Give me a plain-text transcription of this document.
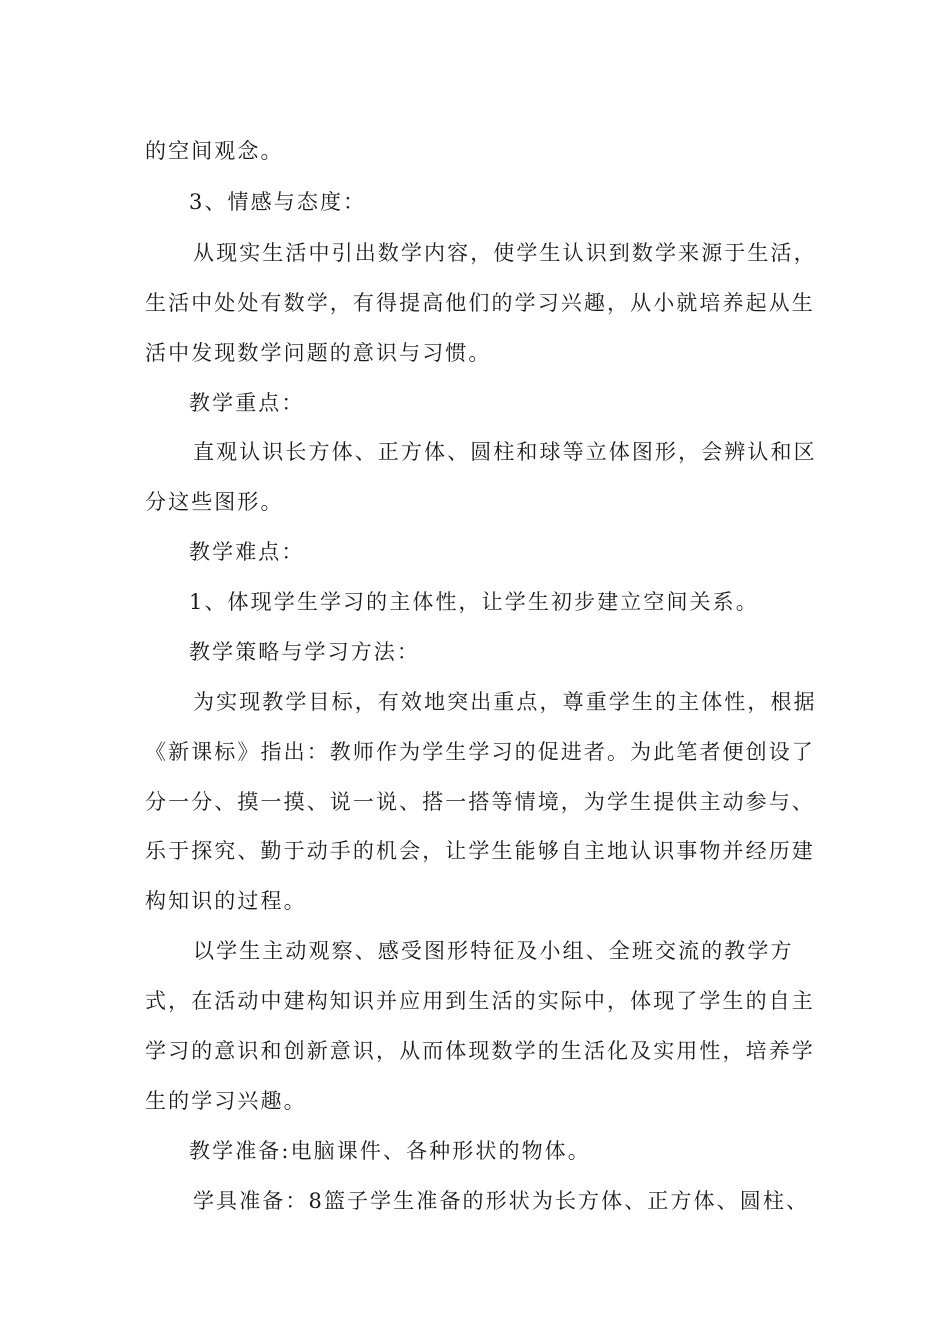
的空间观念。
3、情感与态度：
从现实生活中引出数学内容，使学生认识到数学来源于生活，
生活中处处有数学，有得提高他们的学习兴趣，从小就培养起从生
活中发现数学问题的意识与习惯。
教学重点：
直观认识长方体、正方体、圆柱和球等立体图形，会辨认和区
分这些图形。
教学难点：
1、体现学生学习的主体性，让学生初步建立空间关系。
教学策略与学习方法：
为实现教学目标，有效地突出重点，尊重学生的主体性，根据
《新课标》指出：教师作为学生学习的促进者。为此笔者便创设了
分一分、摸一摸、说一说、搭一搭等情境，为学生提供主动参与、
乐于探究、勤于动手的机会，让学生能够自主地认识事物并经历建
构知识的过程。
以学生主动观察、感受图形特征及小组、全班交流的教学方
式，在活动中建构知识并应用到生活的实际中，体现了学生的自主
学习的意识和创新意识，从而体现数学的生活化及实用性，培养学
生的学习兴趣。
教学准备:电脑课件、各种形状的物体。
学具准备：8篮子学生准备的形状为长方体、正方体、圆柱、
